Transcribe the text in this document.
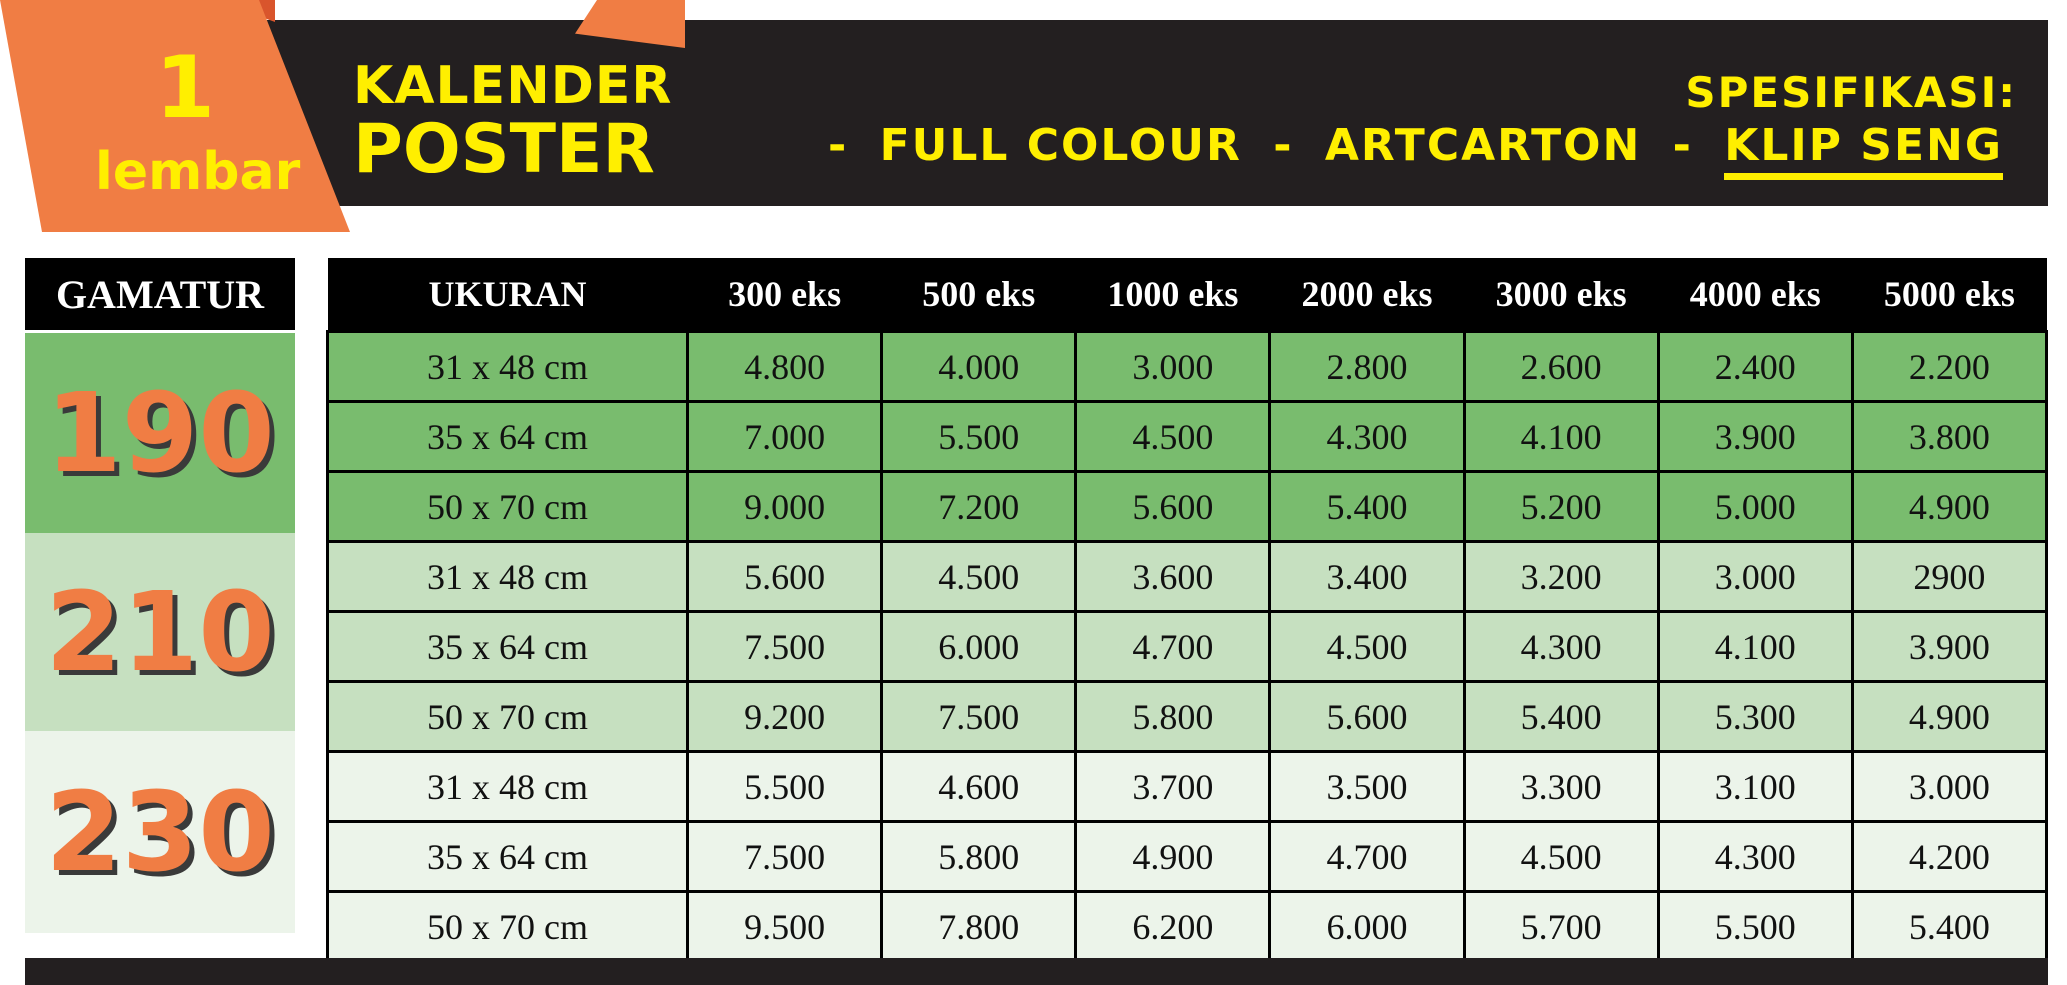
1
lembar
KALENDER
POSTER
SPESIFIKASI:
- FULL COLOUR - ARTCARTON - KLIP SENG
GAMATUR
190
210
230
UKURAN	300 eks	500 eks	1000 eks	2000 eks	3000 eks	4000 eks	5000 eks
31 x 48 cm	4.800	4.000	3.000	2.800	2.600	2.400	2.200
35 x 64 cm	7.000	5.500	4.500	4.300	4.100	3.900	3.800
50 x 70 cm	9.000	7.200	5.600	5.400	5.200	5.000	4.900
31 x 48 cm	5.600	4.500	3.600	3.400	3.200	3.000	2900
35 x 64 cm	7.500	6.000	4.700	4.500	4.300	4.100	3.900
50 x 70 cm	9.200	7.500	5.800	5.600	5.400	5.300	4.900
31 x 48 cm	5.500	4.600	3.700	3.500	3.300	3.100	3.000
35 x 64 cm	7.500	5.800	4.900	4.700	4.500	4.300	4.200
50 x 70 cm	9.500	7.800	6.200	6.000	5.700	5.500	5.400
